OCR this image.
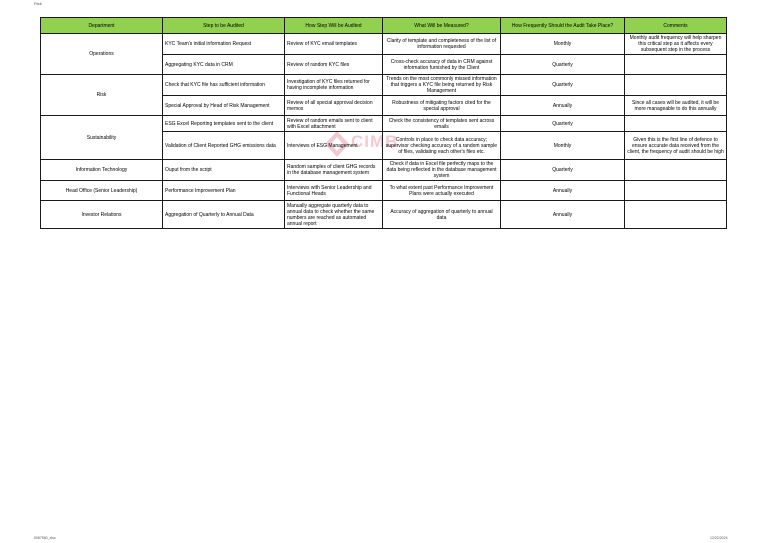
Risk
CIMB
Department	Step to be Audited	How Step Will be Audited	What Will be Measured?	How Frequently Should the Audit Take Place?	Comments
Operations	KYC Team's initial information Request	Review of KYC email templates	Clarity of template and completeness of the list of information requested	Monthly	Monthly audit frequency will help sharpen this critical step as it affects every subsequent step in the process
	Aggregating KYC data in CRM	Review of random KYC files	Cross-check accuracy of data in CRM against information furnished by the Client	Quarterly	
Risk	Check that KYC file has sufficient information	Investigation of KYC files returned for having incomplete information	Trends on the most commonly missed information that triggers a KYC file being returned by Risk Management	Quarterly	
	Special Approval by Head of Risk Management	Review of all special approval decision memos	Robustness of mitigating factors cited for the special approval	Annually	Since all cases will be audited, it will be more manageable to do this annually
Sustainability	ESG Excel Reporting templates sent to the client	Review of random emails sent to client with Excel attachment	Check the consistency of templates sent across emails	Quarterly	
	Validation of Client Reported GHG emissions data	Interviews of ESG Management	Controls in place to check data accuracy; supervisor checking accuracy of a random sample of files, validating each other's files etc.	Monthly	Given this is the first line of defence to ensure accurate data received from the client, the frequency of audit should be high
Information Technology	Ouput from the script	Random samples of client GHG records in the database management system	Check if data in Excel file perfectly maps to the data being reflected in the database management system	Quarterly	
Head Office (Senior Leadership)	Performance Improvement Plan	Interviews with Senior Leadership and Functional Heads	To what extent past Performance Improvement Plans were actually executed	Annually	
Investor Relations	Aggregation of Quarterly to Annual Data	Manually aggregate quarterly data to annual data to check whether the same numbers are reached as automated annual report	Accuracy of aggregation of quarterly to annual data	Annually	
5087560_xlsx	12/22/2024
